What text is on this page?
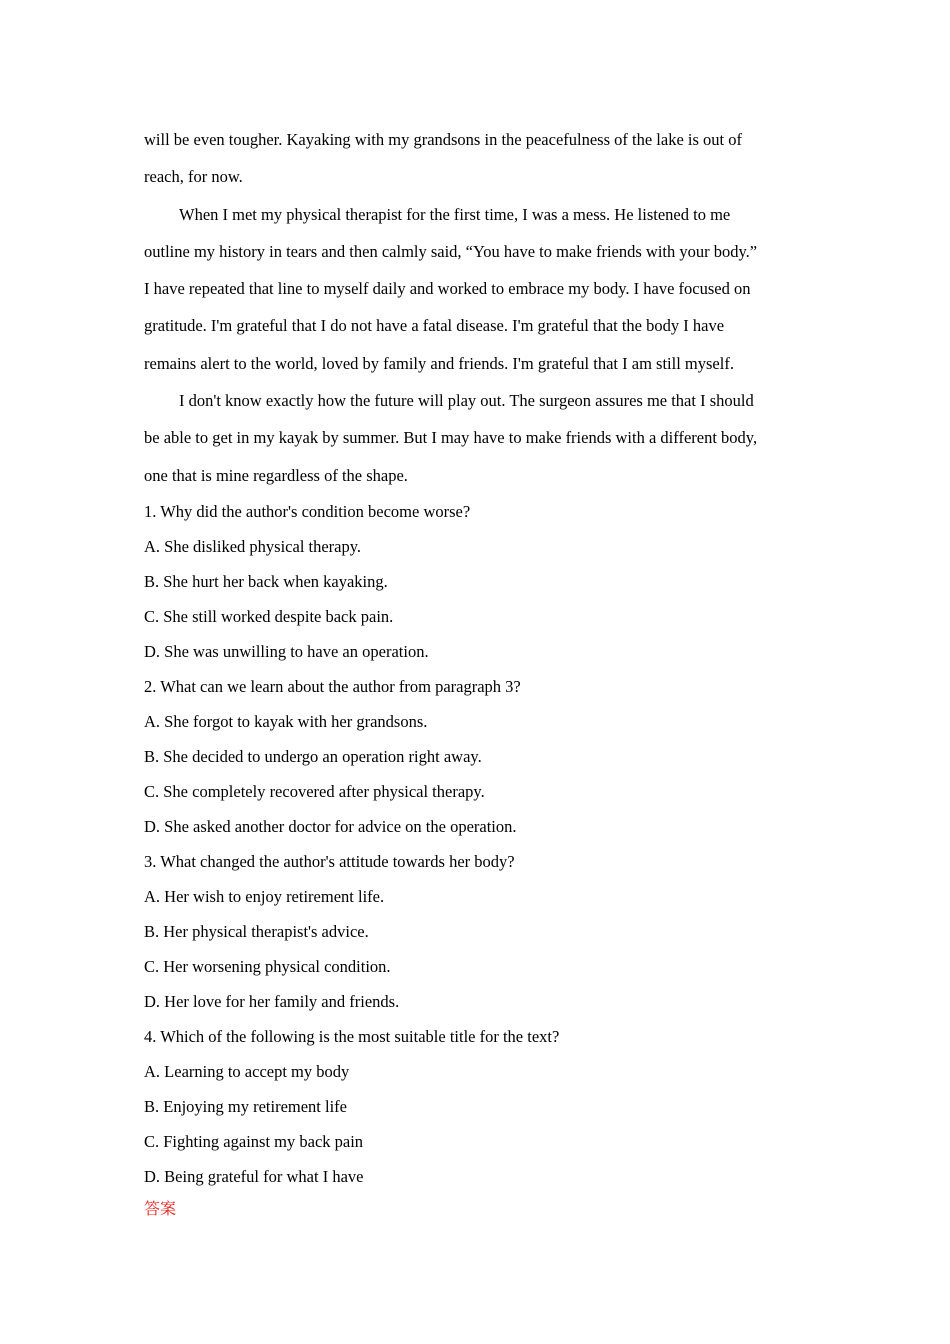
will be even tougher. Kayaking with my grandsons in the peacefulness of the lake is out of

reach, for now.

When I met my physical therapist for the first time, I was a mess. He listened to me

outline my history in tears and then calmly said, “You have to make friends with your body.”

I have repeated that line to myself daily and worked to embrace my body. I have focused on

gratitude. I'm grateful that I do not have a fatal disease. I'm grateful that the body I have

remains alert to the world, loved by family and friends. I'm grateful that I am still myself.

I don't know exactly how the future will play out. The surgeon assures me that I should

be able to get in my kayak by summer. But I may have to make friends with a different body,

one that is mine regardless of the shape.

1. Why did the author's condition become worse?

A. She disliked physical therapy.

B. She hurt her back when kayaking.

C. She still worked despite back pain.

D. She was unwilling to have an operation.

2. What can we learn about the author from paragraph 3?

A. She forgot to kayak with her grandsons.

B. She decided to undergo an operation right away.

C. She completely recovered after physical therapy.

D. She asked another doctor for advice on the operation.

3. What changed the author's attitude towards her body?

A. Her wish to enjoy retirement life.

B. Her physical therapist's advice.

C. Her worsening physical condition.

D. Her love for her family and friends.

4. Which of the following is the most suitable title for the text?

A. Learning to accept my body

B. Enjoying my retirement life

C. Fighting against my back pain

D. Being grateful for what I have

答案
